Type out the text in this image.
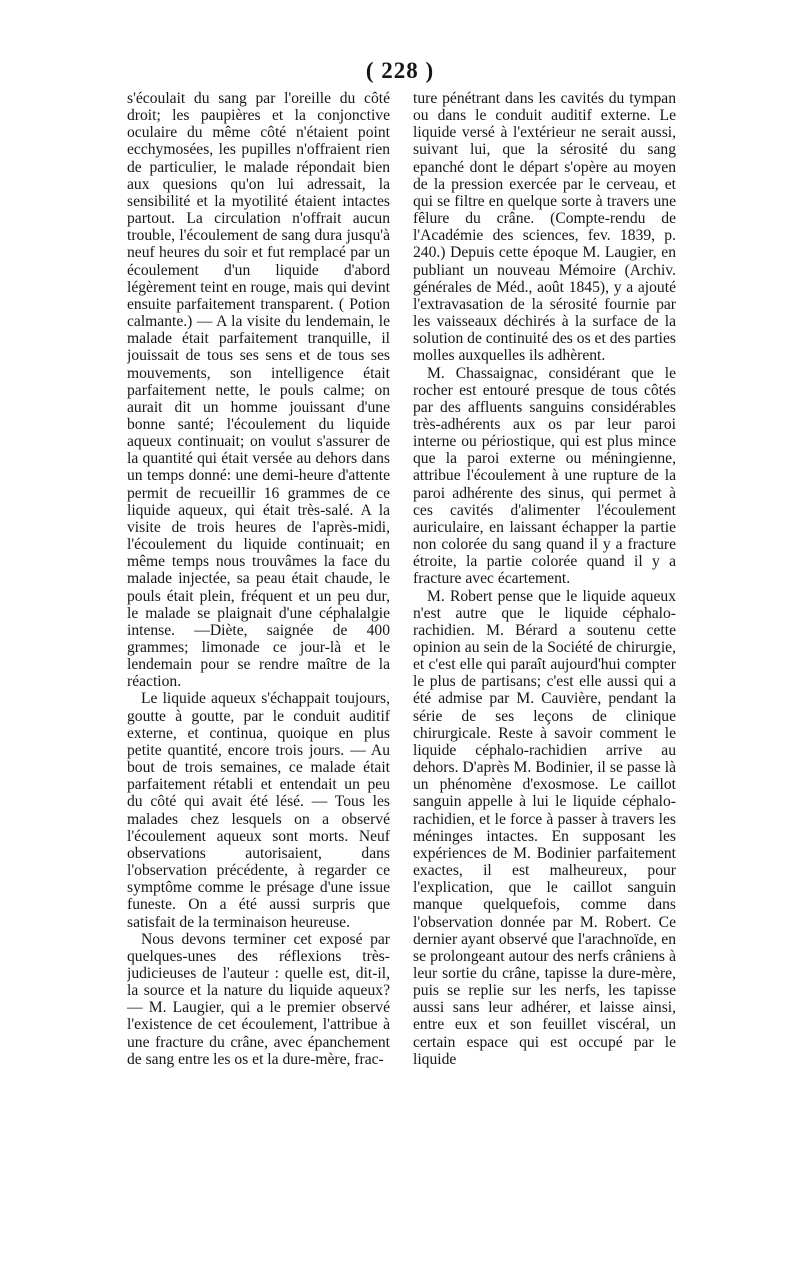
( 228 )

s'écoulait du sang par l'oreille du côté droit; les paupières et la conjonctive oculaire du même côté n'étaient point ecchymosées, les pupilles n'offraient rien de particulier, le malade répondait bien aux quesions qu'on lui adressait, la sensibilité et la myotilité étaient intactes partout. La circulation n'offrait aucun trouble, l'écoulement de sang dura jusqu'à neuf heures du soir et fut remplacé par un écoulement d'un liquide d'abord légèrement teint en rouge, mais qui devint ensuite parfaitement transparent. ( Potion calmante.) — A la visite du lendemain, le malade était parfaitement tranquille, il jouissait de tous ses sens et de tous ses mouvements, son intelligence était parfaitement nette, le pouls calme; on aurait dit un homme jouissant d'une bonne santé; l'écoulement du liquide aqueux continuait; on voulut s'assurer de la quantité qui était versée au dehors dans un temps donné: une demi-heure d'attente permit de recueillir 16 grammes de ce liquide aqueux, qui était très-salé. A la visite de trois heures de l'après-midi, l'écoulement du liquide continuait; en même temps nous trouvâmes la face du malade injectée, sa peau était chaude, le pouls était plein, fréquent et un peu dur, le malade se plaignait d'une céphalalgie intense. —Diète, saignée de 400 grammes; limonade ce jour-là et le lendemain pour se rendre maître de la réaction.

Le liquide aqueux s'échappait toujours, goutte à goutte, par le conduit auditif externe, et continua, quoique en plus petite quantité, encore trois jours. — Au bout de trois semaines, ce malade était parfaitement rétabli et entendait un peu du côté qui avait été lésé. — Tous les malades chez lesquels on a observé l'écoulement aqueux sont morts. Neuf observations autorisaient, dans l'observation précédente, à regarder ce symptôme comme le présage d'une issue funeste. On a été aussi surpris que satisfait de la terminaison heureuse.

Nous devons terminer cet exposé par quelques-unes des réflexions très-judicieuses de l'auteur : quelle est, dit-il, la source et la nature du liquide aqueux? — M. Laugier, qui a le premier observé l'existence de cet écoulement, l'attribue à une fracture du crâne, avec épanchement de sang entre les os et la dure-mère, frac-

ture pénétrant dans les cavités du tympan ou dans le conduit auditif externe. Le liquide versé à l'extérieur ne serait aussi, suivant lui, que la sérosité du sang epanché dont le départ s'opère au moyen de la pression exercée par le cerveau, et qui se filtre en quelque sorte à travers une fêlure du crâne. (Compte-rendu de l'Académie des sciences, fev. 1839, p. 240.) Depuis cette époque M. Laugier, en publiant un nouveau Mémoire (Archiv. générales de Méd., août 1845), y a ajouté l'extravasation de la sérosité fournie par les vaisseaux déchirés à la surface de la solution de continuité des os et des parties molles auxquelles ils adhèrent.

M. Chassaignac, considérant que le rocher est entouré presque de tous côtés par des affluents sanguins considérables très-adhérents aux os par leur paroi interne ou périostique, qui est plus mince que la paroi externe ou méningienne, attribue l'écoulement à une rupture de la paroi adhérente des sinus, qui permet à ces cavités d'alimenter l'écoulement auriculaire, en laissant échapper la partie non colorée du sang quand il y a fracture étroite, la partie colorée quand il y a fracture avec écartement.

M. Robert pense que le liquide aqueux n'est autre que le liquide céphalo-rachidien. M. Bérard a soutenu cette opinion au sein de la Société de chirurgie, et c'est elle qui paraît aujourd'hui compter le plus de partisans; c'est elle aussi qui a été admise par M. Cauvière, pendant la série de ses leçons de clinique chirurgicale. Reste à savoir comment le liquide céphalo-rachidien arrive au dehors. D'après M. Bodinier, il se passe là un phénomène d'exosmose. Le caillot sanguin appelle à lui le liquide céphalo-rachidien, et le force à passer à travers les méninges intactes. En supposant les expériences de M. Bodinier parfaitement exactes, il est malheureux, pour l'explication, que le caillot sanguin manque quelquefois, comme dans l'observation donnée par M. Robert. Ce dernier ayant observé que l'arachnoïde, en se prolongeant autour des nerfs crâniens à leur sortie du crâne, tapisse la dure-mère, puis se replie sur les nerfs, les tapisse aussi sans leur adhérer, et laisse ainsi, entre eux et son feuillet viscéral, un certain espace qui est occupé par le liquide
